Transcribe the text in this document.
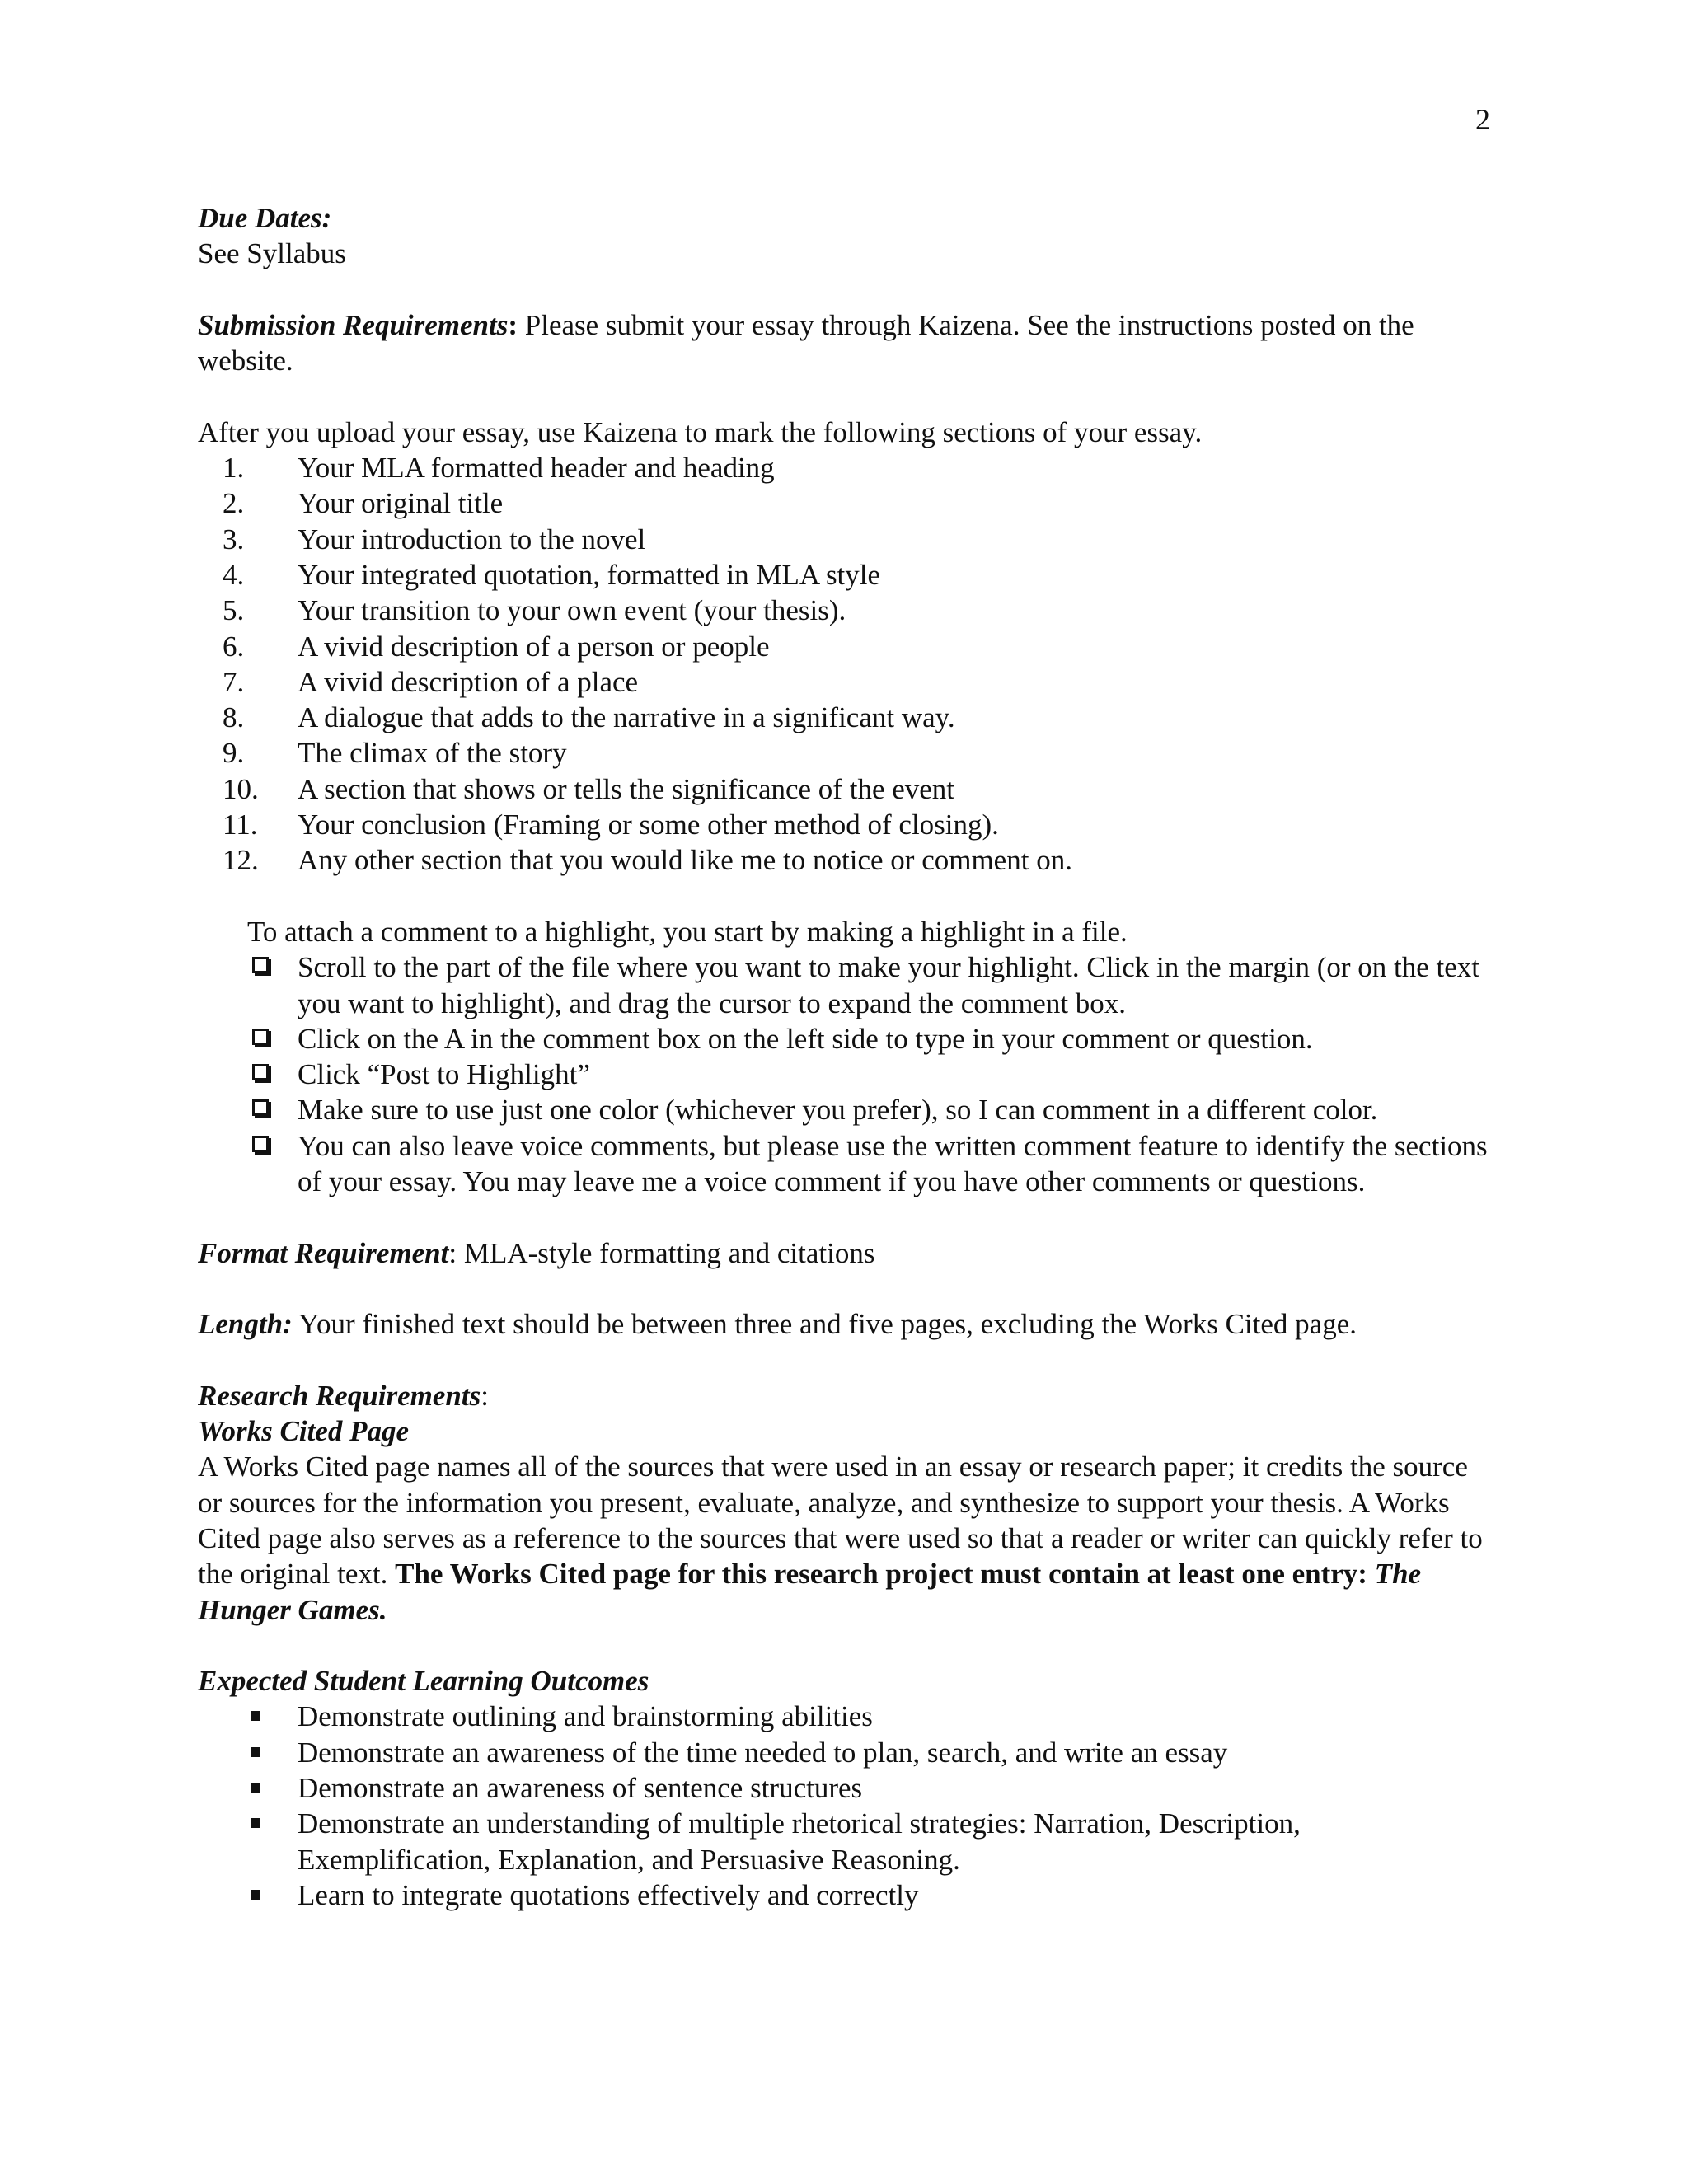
2

Due Dates:

See Syllabus

Submission Requirements: Please submit your essay through Kaizena. See the instructions posted on the website.

After you upload your essay, use Kaizena to mark the following sections of your essay.

1.	Your MLA formatted header and heading
2.	Your original title
3.	Your introduction to the novel
4.	Your integrated quotation, formatted in MLA style
5.	Your transition to your own event (your thesis).
6.	A vivid description of a person or people
7.	A vivid description of a place
8.	A dialogue that adds to the narrative in a significant way.
9.	The climax of the story
10.	A section that shows or tells the significance of the event
11.	Your conclusion (Framing or some other method of closing).
12.	Any other section that you would like me to notice or comment on.

To attach a comment to a highlight, you start by making a highlight in a file.

Scroll to the part of the file where you want to make your highlight. Click in the margin (or on the text you want to highlight), and drag the cursor to expand the comment box.
Click on the A in the comment box on the left side to type in your comment or question.
Click “Post to Highlight”
Make sure to use just one color (whichever you prefer), so I can comment in a different color.
You can also leave voice comments, but please use the written comment feature to identify the sections of your essay. You may leave me a voice comment if you have other comments or questions.

Format Requirement: MLA-style formatting and citations

Length: Your finished text should be between three and five pages, excluding the Works Cited page.

Research Requirements:

Works Cited Page

A Works Cited page names all of the sources that were used in an essay or research paper; it credits the source or sources for the information you present, evaluate, analyze, and synthesize to support your thesis. A Works Cited page also serves as a reference to the sources that were used so that a reader or writer can quickly refer to the original text. The Works Cited page for this research project must contain at least one entry: The Hunger Games.

Expected Student Learning Outcomes

Demonstrate outlining and brainstorming abilities
Demonstrate an awareness of the time needed to plan, search, and write an essay
Demonstrate an awareness of sentence structures
Demonstrate an understanding of multiple rhetorical strategies: Narration, Description, Exemplification, Explanation, and Persuasive Reasoning.
Learn to integrate quotations effectively and correctly
